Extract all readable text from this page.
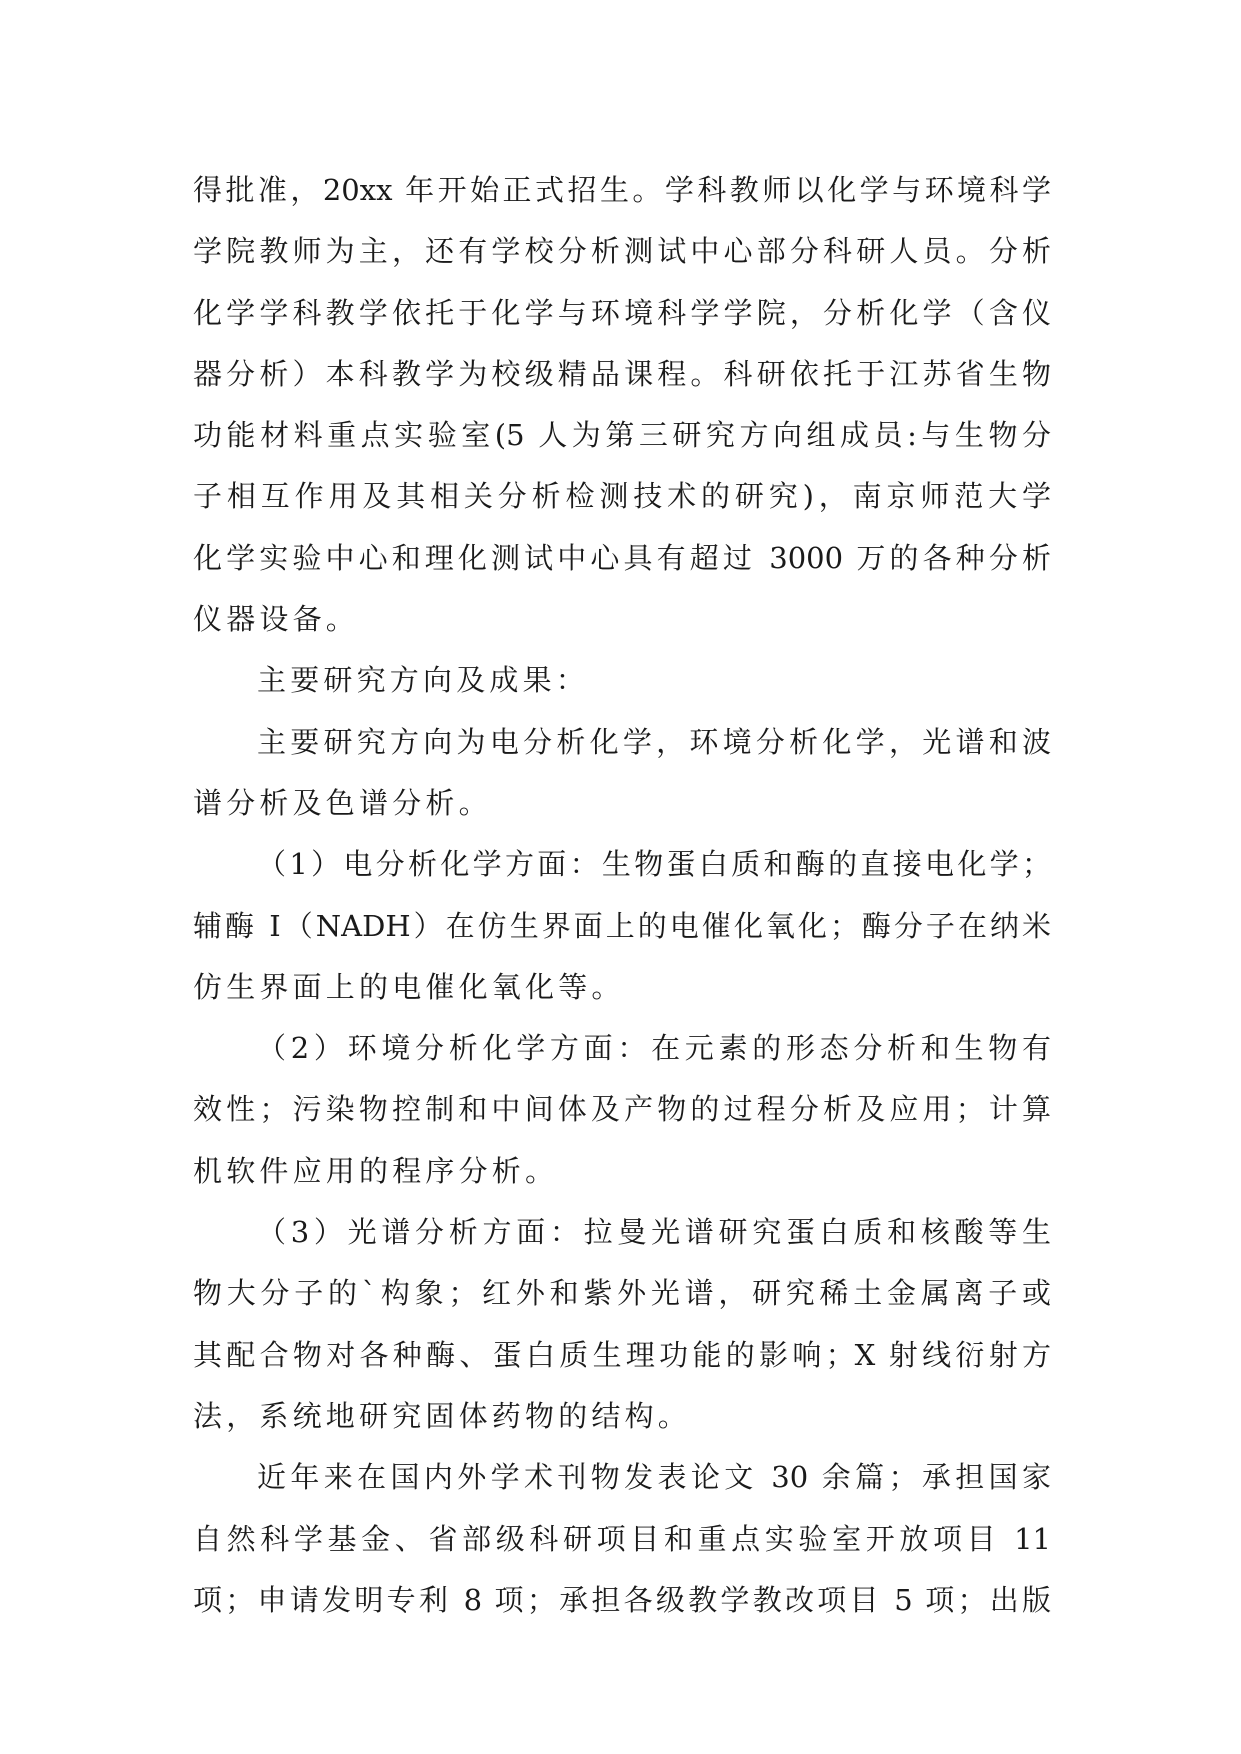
得批准，20xx 年开始正式招生。学科教师以化学与环境科学
学院教师为主，还有学校分析测试中心部分科研人员。分析
化学学科教学依托于化学与环境科学学院，分析化学（含仪
器分析）本科教学为校级精品课程。科研依托于江苏省生物
功能材料重点实验室(5 人为第三研究方向组成员:与生物分
子相互作用及其相关分析检测技术的研究)，南京师范大学
化学实验中心和理化测试中心具有超过 3000 万的各种分析
仪器设备。
主要研究方向及成果：
主要研究方向为电分析化学，环境分析化学，光谱和波
谱分析及色谱分析。
（1）电分析化学方面：生物蛋白质和酶的直接电化学；
辅酶 I（NADH）在仿生界面上的电催化氧化；酶分子在纳米
仿生界面上的电催化氧化等。
（2）环境分析化学方面：在元素的形态分析和生物有
效性；污染物控制和中间体及产物的过程分析及应用；计算
机软件应用的程序分析。
（3）光谱分析方面：拉曼光谱研究蛋白质和核酸等生
物大分子的`构象；红外和紫外光谱，研究稀土金属离子或
其配合物对各种酶、蛋白质生理功能的影响；X 射线衍射方
法，系统地研究固体药物的结构。
近年来在国内外学术刊物发表论文 30 余篇；承担国家
自然科学基金、省部级科研项目和重点实验室开放项目 11
项；申请发明专利 8 项；承担各级教学教改项目 5 项；出版
